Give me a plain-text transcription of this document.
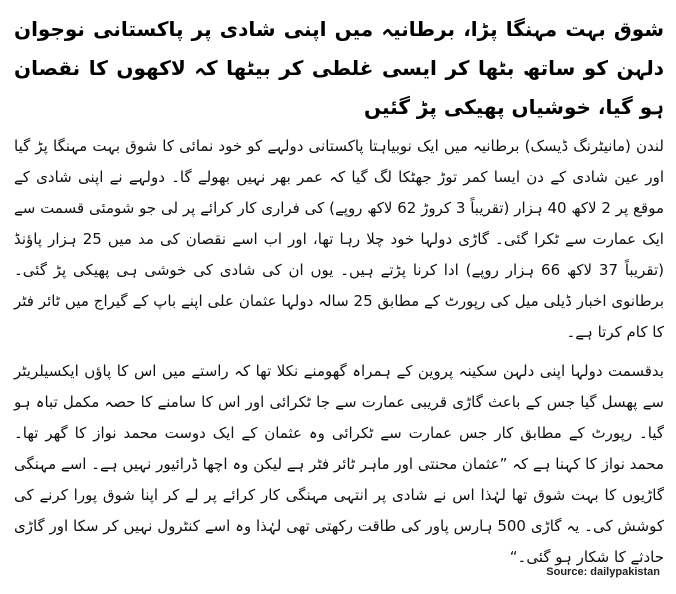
شوق بہت مہنگا پڑا، برطانیہ میں اپنی شادی پر پاکستانی نوجوان دلہن کو ساتھ بٹھا کر ایسی غلطی کر بیٹھا کہ لاکھوں کا نقصان ہو گیا، خوشیاں پھیکی پڑ گئیں
لندن (مانیٹرنگ ڈیسک) برطانیہ میں ایک نوبیاہتا پاکستانی دولہے کو خود نمائی کا شوق بہت مہنگا پڑ گیا اور عین شادی کے دن ایسا کمر توڑ جھٹکا لگ گیا کہ عمر بھر نہیں بھولے گا۔ دولہے نے اپنی شادی کے موقع پر 2 لاکھ 40 ہزار (تقریباً 3 کروڑ 62 لاکھ روپے) کی فراری کار کرائے پر لی جو شومئی قسمت سے ایک عمارت سے ٹکرا گئی۔ گاڑی دولہا خود چلا رہا تھا، اور اب اسے نقصان کی مد میں 25 ہزار پاؤنڈ (تقریباً 37 لاکھ 66 ہزار روپے) ادا کرنا پڑتے ہیں۔ یوں ان کی شادی کی خوشی ہی پھیکی پڑ گئی۔ برطانوی اخبار ڈیلی میل کی رپورٹ کے مطابق 25 سالہ دولہا عثمان علی اپنے باپ کے گیراج میں ٹائر فٹر کا کام کرتا ہے۔
بدقسمت دولہا اپنی دلہن سکینہ پروین کے ہمراہ گھومنے نکلا تھا کہ راستے میں اس کا پاؤں ایکسیلریٹر سے پھسل گیا جس کے باعث گاڑی قریبی عمارت سے جا ٹکرائی اور اس کا سامنے کا حصہ مکمل تباہ ہو گیا۔ رپورٹ کے مطابق کار جس عمارت سے ٹکرائی وہ عثمان کے ایک دوست محمد نواز کا گھر تھا۔ محمد نواز کا کہنا ہے کہ ”عثمان محنتی اور ماہر ٹائر فٹر ہے لیکن وہ اچھا ڈرائیور نہیں ہے۔ اسے مہنگی گاڑیوں کا بہت شوق تھا لہٰذا اس نے شادی پر انتہی مہنگی کار کرائے پر لے کر اپنا شوق پورا کرنے کی کوشش کی۔ یہ گاڑی 500 ہارس پاور کی طاقت رکھتی تھی لہٰذا وہ اسے کنٹرول نہیں کر سکا اور گاڑی حادثے کا شکار ہو گئی۔“
Source: dailypakistan
